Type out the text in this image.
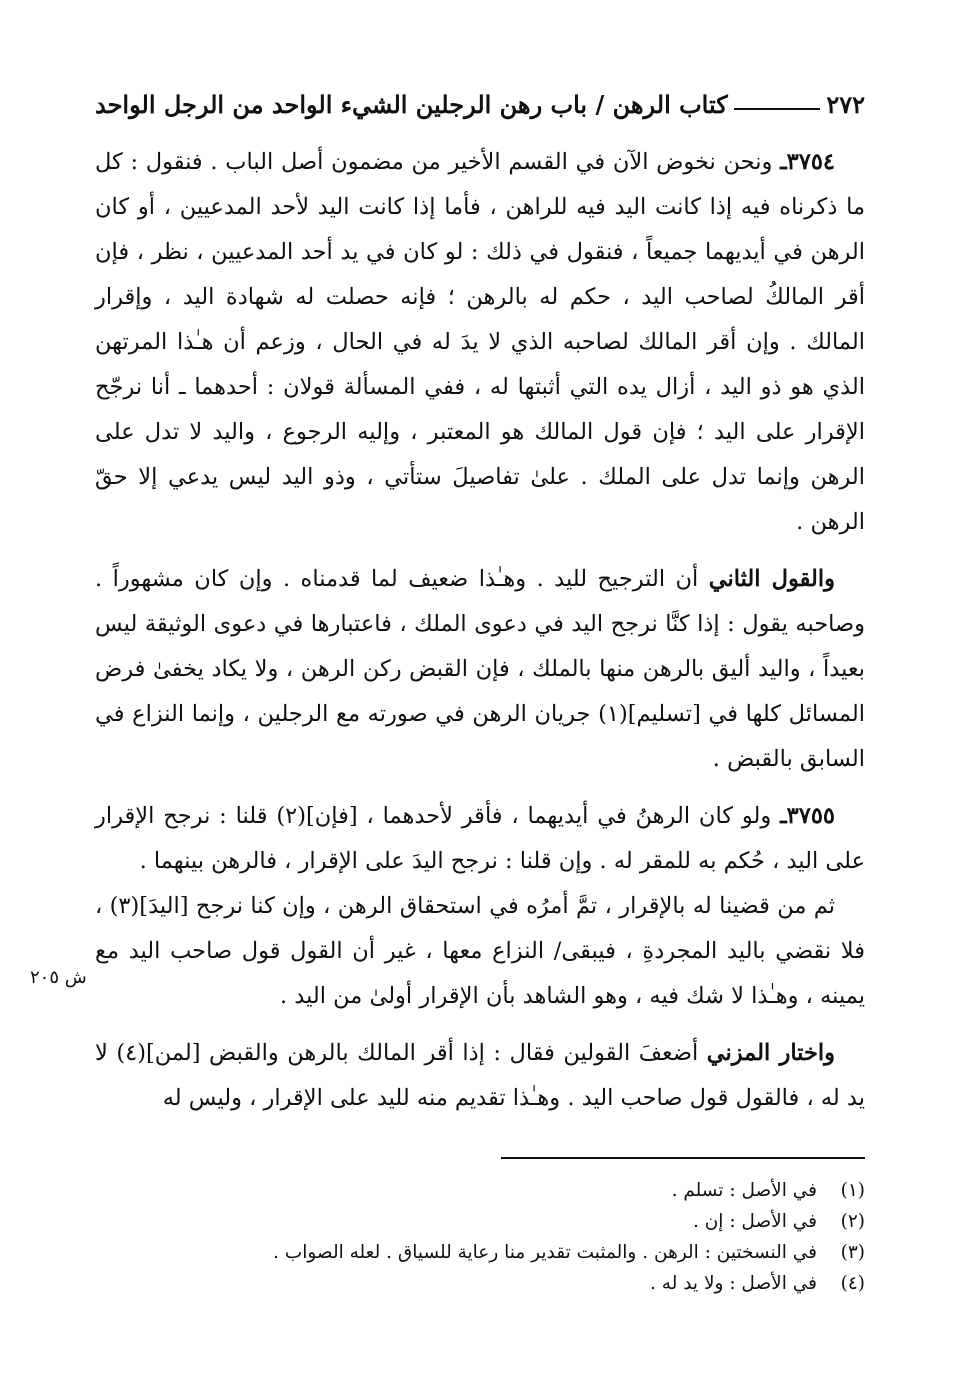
٢٧٢
كتاب الرهن / باب رهن الرجلين الشيء الواحد من الرجل الواحد
ش ٢٠٥
٣٧٥٤ـ ونحن نخوض الآن في القسم الأخير من مضمون أصل الباب . فنقول : كل ما ذكرناه فيه إذا كانت اليد فيه للراهن ، فأما إذا كانت اليد لأحد المدعيين ، أو كان الرهن في أيديهما جميعاً ، فنقول في ذلك : لو كان في يد أحد المدعيين ، نظر ، فإن أقر المالكُ لصاحب اليد ، حكم له بالرهن ؛ فإنه حصلت له شهادة اليد ، وإقرار المالك . وإن أقر المالك لصاحبه الذي لا يدَ له في الحال ، وزعم أن هـٰذا المرتهن الذي هو ذو اليد ، أزال يده التي أثبتها له ، ففي المسألة قولان : أحدهما ـ أنا نرجّح الإقرار على اليد ؛ فإن قول المالك هو المعتبر ، وإليه الرجوع ، واليد لا تدل على الرهن وإنما تدل على الملك . علىٰ تفاصيلَ ستأتي ، وذو اليد ليس يدعي إلا حقّ الرهن .
والقول الثاني أن الترجيح لليد . وهـٰذا ضعيف لما قدمناه . وإن كان مشهوراً . وصاحبه يقول : إذا كنَّا نرجح اليد في دعوى الملك ، فاعتبارها في دعوى الوثيقة ليس بعيداً ، واليد أليق بالرهن منها بالملك ، فإن القبض ركن الرهن ، ولا يكاد يخفىٰ فرض المسائل كلها في [تسليم](١) جريان الرهن في صورته مع الرجلين ، وإنما النزاع في السابق بالقبض .
٣٧٥٥ـ ولو كان الرهنُ في أيديهما ، فأقر لأحدهما ، [فإن](٢) قلنا : نرجح الإقرار على اليد ، حُكم به للمقر له . وإن قلنا : نرجح اليدَ على الإقرار ، فالرهن بينهما .
ثم من قضينا له بالإقرار ، تمَّ أمرُه في استحقاق الرهن ، وإن كنا نرجح [اليدَ](٣) ، فلا نقضي باليد المجردةِ ، فيبقى/ النزاع معها ، غير أن القول قول صاحب اليد مع يمينه ، وهـٰذا لا شك فيه ، وهو الشاهد بأن الإقرار أولىٰ من اليد .
واختار المزني أضعفَ القولين فقال : إذا أقر المالك بالرهن والقبض [لمن](٤) لا يد له ، فالقول قول صاحب اليد . وهـٰذا تقديم منه لليد على الإقرار ، وليس له
(١)
في الأصل : تسلم .
(٢)
في الأصل : إن .
(٣)
في النسختين : الرهن . والمثبت تقدير منا رعاية للسياق . لعله الصواب .
(٤)
في الأصل : ولا يد له .
